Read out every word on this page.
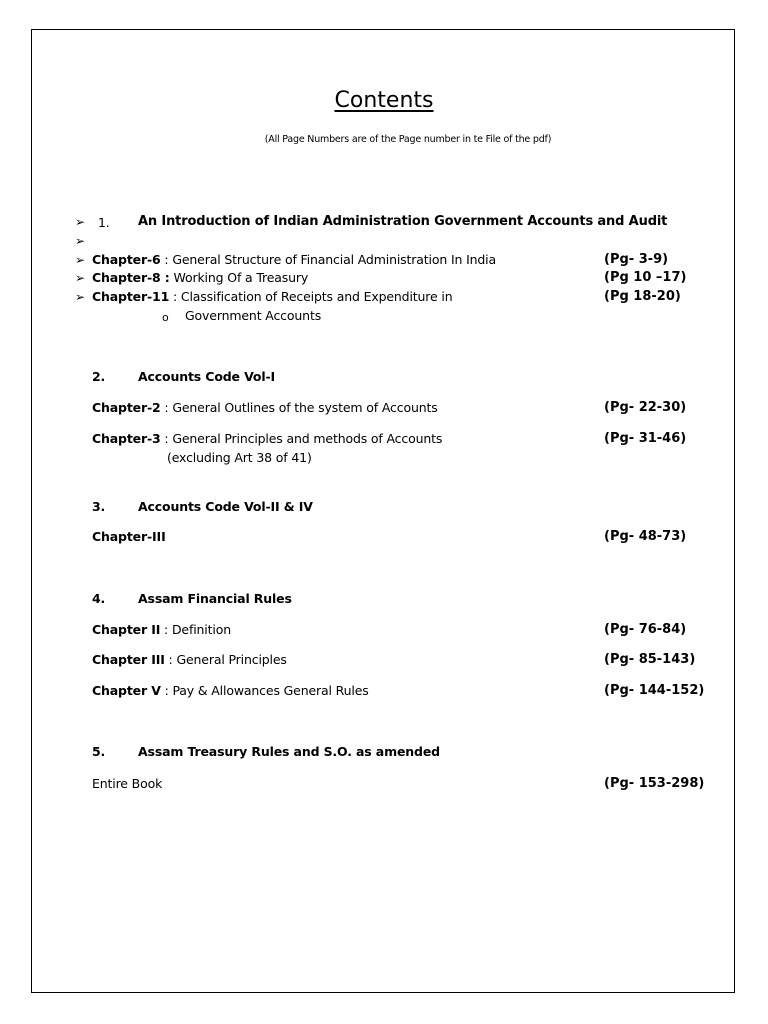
Contents
(All Page Numbers are of the Page number in te File of the pdf)
➢ 1. An Introduction of Indian Administration Government Accounts and Audit
➢
➢ Chapter-6 : General Structure of Financial Administration In India	(Pg- 3-9)
➢ Chapter-8 : Working Of a Treasury	(Pg 10 –17)
➢ Chapter-11 : Classification of Receipts and Expenditure in	(Pg 18-20)
o Government Accounts
2.	Accounts Code Vol-I
Chapter-2 : General Outlines of the system of Accounts	(Pg- 22-30)
Chapter-3 : General Principles and methods of Accounts	(Pg- 31-46)
(excluding Art 38 of 41)
3.	Accounts Code Vol-II & IV
Chapter-III	(Pg- 48-73)
4.	Assam Financial Rules
Chapter II : Definition	(Pg- 76-84)
Chapter III : General Principles	(Pg- 85-143)
Chapter V : Pay & Allowances General Rules	(Pg- 144-152)
5.	Assam Treasury Rules and S.O. as amended
Entire Book	(Pg- 153-298)
